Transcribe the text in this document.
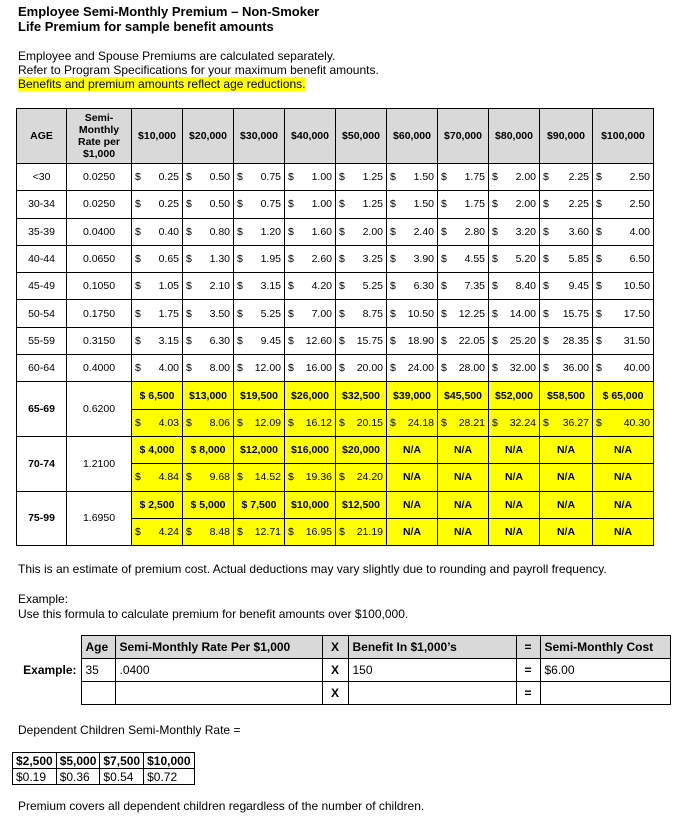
Employee Semi-Monthly Premium – Non-Smoker
Life Premium for sample benefit amounts
Employee and Spouse Premiums are calculated separately.
Refer to Program Specifications for your maximum benefit amounts.
Benefits and premium amounts reflect age reductions.
AGE	Semi-Monthly Rate per $1,000	$10,000	$20,000	$30,000	$40,000	$50,000	$60,000	$70,000	$80,000	$90,000	$100,000
<30	0.0250	$ 0.25	$ 0.50	$ 0.75	$ 1.00	$ 1.25	$ 1.50	$ 1.75	$ 2.00	$ 2.25	$ 2.50

30-34	0.0250	$ 0.25	$ 0.50	$ 0.75	$ 1.00	$ 1.25	$ 1.50	$ 1.75	$ 2.00	$ 2.25	$ 2.50

35-39	0.0400	$ 0.40	$ 0.80	$ 1.20	$ 1.60	$ 2.00	$ 2.40	$ 2.80	$ 3.20	$ 3.60	$ 4.00

40-44	0.0650	$ 0.65	$ 1.30	$ 1.95	$ 2.60	$ 3.25	$ 3.90	$ 4.55	$ 5.20	$ 5.85	$ 6.50

45-49	0.1050	$ 1.05	$ 2.10	$ 3.15	$ 4.20	$ 5.25	$ 6.30	$ 7.35	$ 8.40	$ 9.45	$ 10.50

50-54	0.1750	$ 1.75	$ 3.50	$ 5.25	$ 7.00	$ 8.75	$ 10.50	$ 12.25	$ 14.00	$ 15.75	$ 17.50

55-59	0.3150	$ 3.15	$ 6.30	$ 9.45	$ 12.60	$ 15.75	$ 18.90	$ 22.05	$ 25.20	$ 28.35	$ 31.50

60-64	0.4000	$ 4.00	$ 8.00	$ 12.00	$ 16.00	$ 20.00	$ 24.00	$ 28.00	$ 32.00	$ 36.00	$ 40.00

65-69	0.6200	$ 6,500	$13,000	$19,500	$26,000	$32,500	$39,000	$45,500	$52,000	$58,500	$ 65,000

		$ 4.03	$ 8.06	$ 12.09	$ 16.12	$ 20.15	$ 24.18	$ 28.21	$ 32.24	$ 36.27	$ 40.30

70-74	1.2100	$ 4,000	$ 8,000	$12,000	$16,000	$20,000	N/A	N/A	N/A	N/A	N/A

		$ 4.84	$ 9.68	$ 14.52	$ 19.36	$ 24.20	N/A	N/A	N/A	N/A	N/A
75-99	1.6950	$ 2,500	$ 5,000	$ 7,500	$10,000	$12,500	N/A	N/A	N/A	N/A	N/A

		$ 4.24	$ 8.48	$ 12.71	$ 16.95	$ 21.19	N/A	N/A	N/A	N/A	N/A
This is an estimate of premium cost. Actual deductions may vary slightly due to rounding and payroll frequency.
Example:
Use this formula to calculate premium for benefit amounts over $100,000.
	Age	Semi-Monthly Rate Per $1,000	X	Benefit In $1,000’s	=	Semi-Monthly Cost
Example:	35	.0400	X	150	=	$6.00
			X		=	
Dependent Children Semi-Monthly Rate =
$2,500	$5,000	$7,500	$10,000
$0.19	$0.36	$0.54	$0.72
Premium covers all dependent children regardless of the number of children.
